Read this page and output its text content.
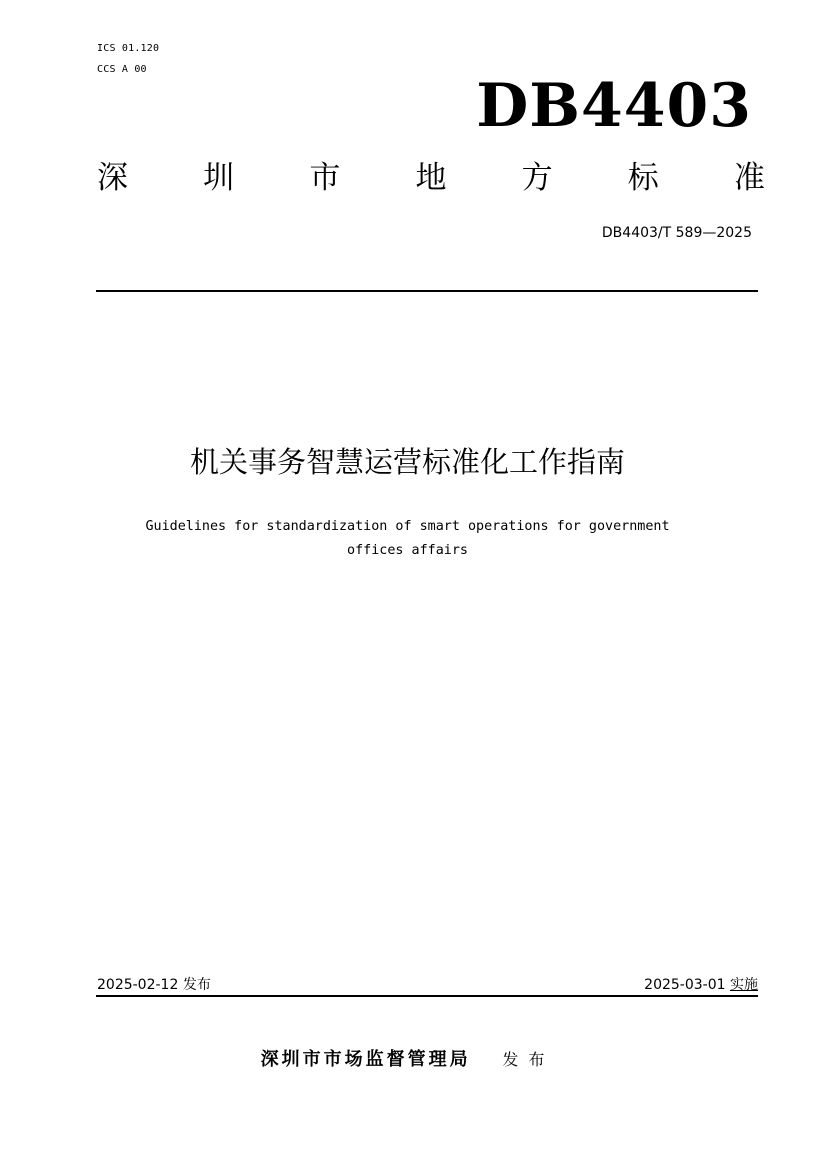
ICS 01.120
CCS A 00
DB4403
深 圳 市 地 方 标 准
DB4403/T 589—2025
机关事务智慧运营标准化工作指南
Guidelines for standardization of smart operations for government
offices affairs
2025-02-12 发布	2025-03-01 实施
深圳市市场监督管理局 发布
